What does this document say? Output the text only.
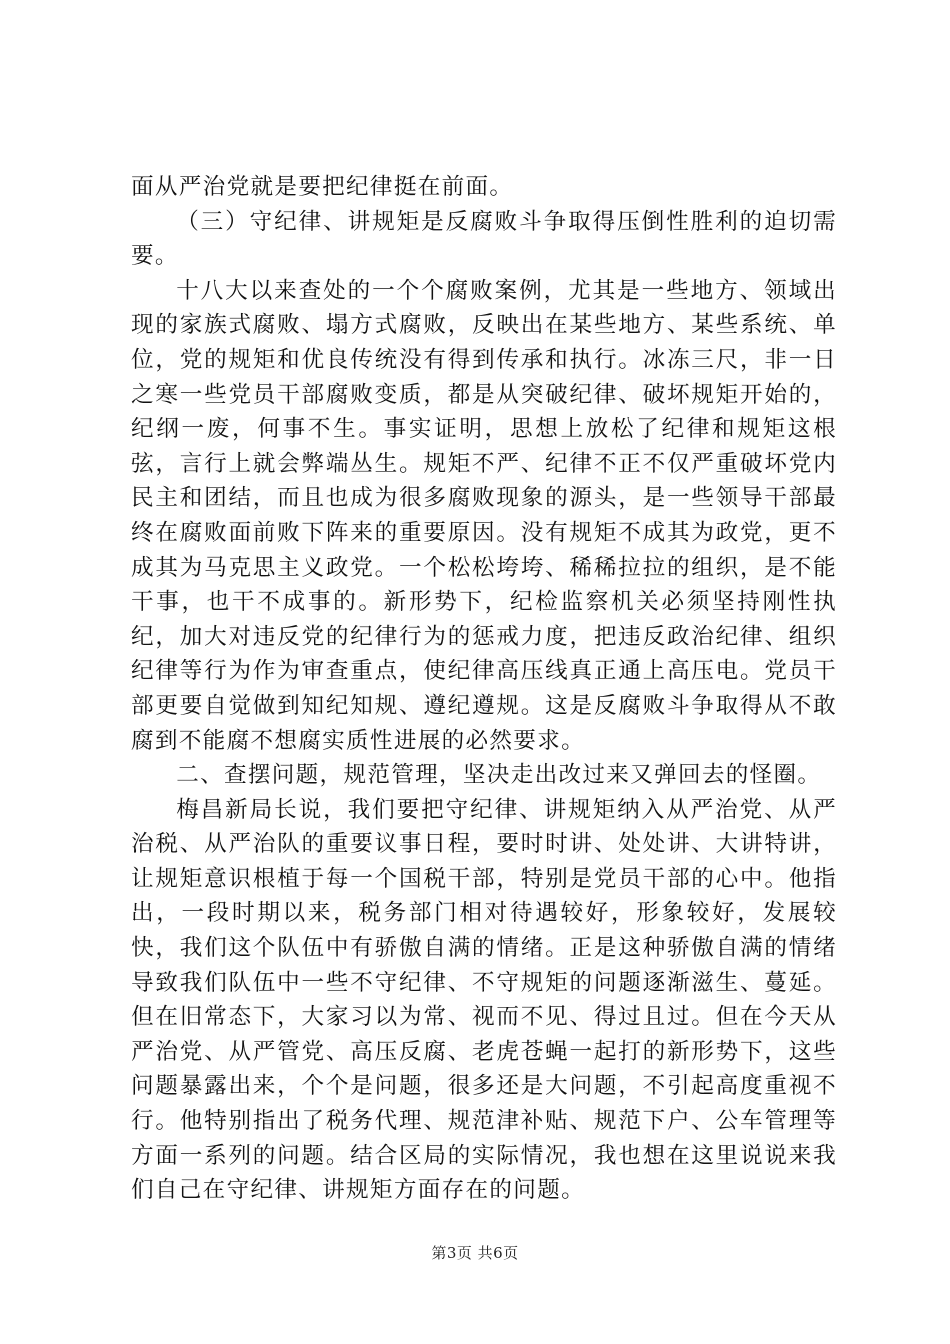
面从严治党就是要把纪律挺在前面。

（三）守纪律、讲规矩是反腐败斗争取得压倒性胜利的迫切需要。

十八大以来查处的一个个腐败案例，尤其是一些地方、领域出现的家族式腐败、塌方式腐败，反映出在某些地方、某些系统、单位，党的规矩和优良传统没有得到传承和执行。冰冻三尺，非一日之寒一些党员干部腐败变质，都是从突破纪律、破坏规矩开始的，纪纲一废，何事不生。事实证明，思想上放松了纪律和规矩这根弦，言行上就会弊端丛生。规矩不严、纪律不正不仅严重破坏党内民主和团结，而且也成为很多腐败现象的源头，是一些领导干部最终在腐败面前败下阵来的重要原因。没有规矩不成其为政党，更不成其为马克思主义政党。一个松松垮垮、稀稀拉拉的组织，是不能干事，也干不成事的。新形势下，纪检监察机关必须坚持刚性执纪，加大对违反党的纪律行为的惩戒力度，把违反政治纪律、组织纪律等行为作为审查重点，使纪律高压线真正通上高压电。党员干部更要自觉做到知纪知规、遵纪遵规。这是反腐败斗争取得从不敢腐到不能腐不想腐实质性进展的必然要求。

二、查摆问题，规范管理，坚决走出改过来又弹回去的怪圈。

梅昌新局长说，我们要把守纪律、讲规矩纳入从严治党、从严治税、从严治队的重要议事日程，要时时讲、处处讲、大讲特讲，让规矩意识根植于每一个国税干部，特别是党员干部的心中。他指出，一段时期以来，税务部门相对待遇较好，形象较好，发展较快，我们这个队伍中有骄傲自满的情绪。正是这种骄傲自满的情绪导致我们队伍中一些不守纪律、不守规矩的问题逐渐滋生、蔓延。但在旧常态下，大家习以为常、视而不见、得过且过。但在今天从严治党、从严管党、高压反腐、老虎苍蝇一起打的新形势下，这些问题暴露出来，个个是问题，很多还是大问题，不引起高度重视不行。他特别指出了税务代理、规范津补贴、规范下户、公车管理等方面一系列的问题。结合区局的实际情况，我也想在这里说说来我们自己在守纪律、讲规矩方面存在的问题。

第3页 共6页
